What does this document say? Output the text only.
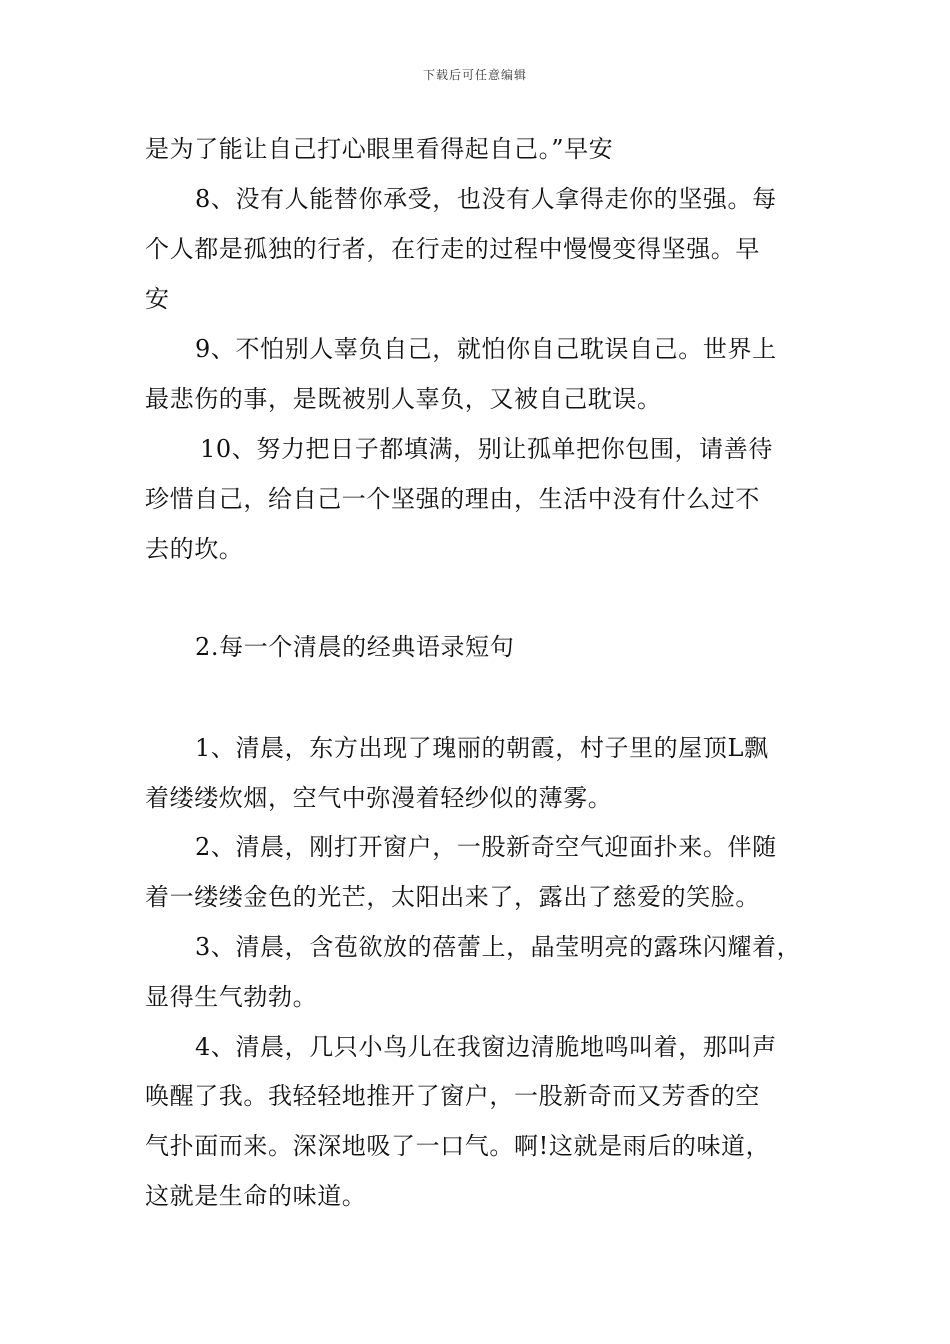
下载后可任意编辑
是为了能让自己打心眼里看得起自己。”早安
8、没有人能替你承受，也没有人拿得走你的坚强。每
个人都是孤独的行者，在行走的过程中慢慢变得坚强。早
安
9、不怕别人辜负自己，就怕你自己耽误自己。世界上
最悲伤的事，是既被别人辜负，又被自己耽误。
10、努力把日子都填满，别让孤单把你包围，请善待
珍惜自己，给自己一个坚强的理由，生活中没有什么过不
去的坎。
2.每一个清晨的经典语录短句
1、清晨，东方出现了瑰丽的朝霞，村子里的屋顶L飘
着缕缕炊烟，空气中弥漫着轻纱似的薄雾。
2、清晨，刚打开窗户，一股新奇空气迎面扑来。伴随
着一缕缕金色的光芒，太阳出来了，露出了慈爱的笑脸。
3、清晨，含苞欲放的蓓蕾上，晶莹明亮的露珠闪耀着，
显得生气勃勃。
4、清晨，几只小鸟儿在我窗边清脆地鸣叫着，那叫声
唤醒了我。我轻轻地推开了窗户，一股新奇而又芳香的空
气扑面而来。深深地吸了一口气。啊!这就是雨后的味道，
这就是生命的味道。
